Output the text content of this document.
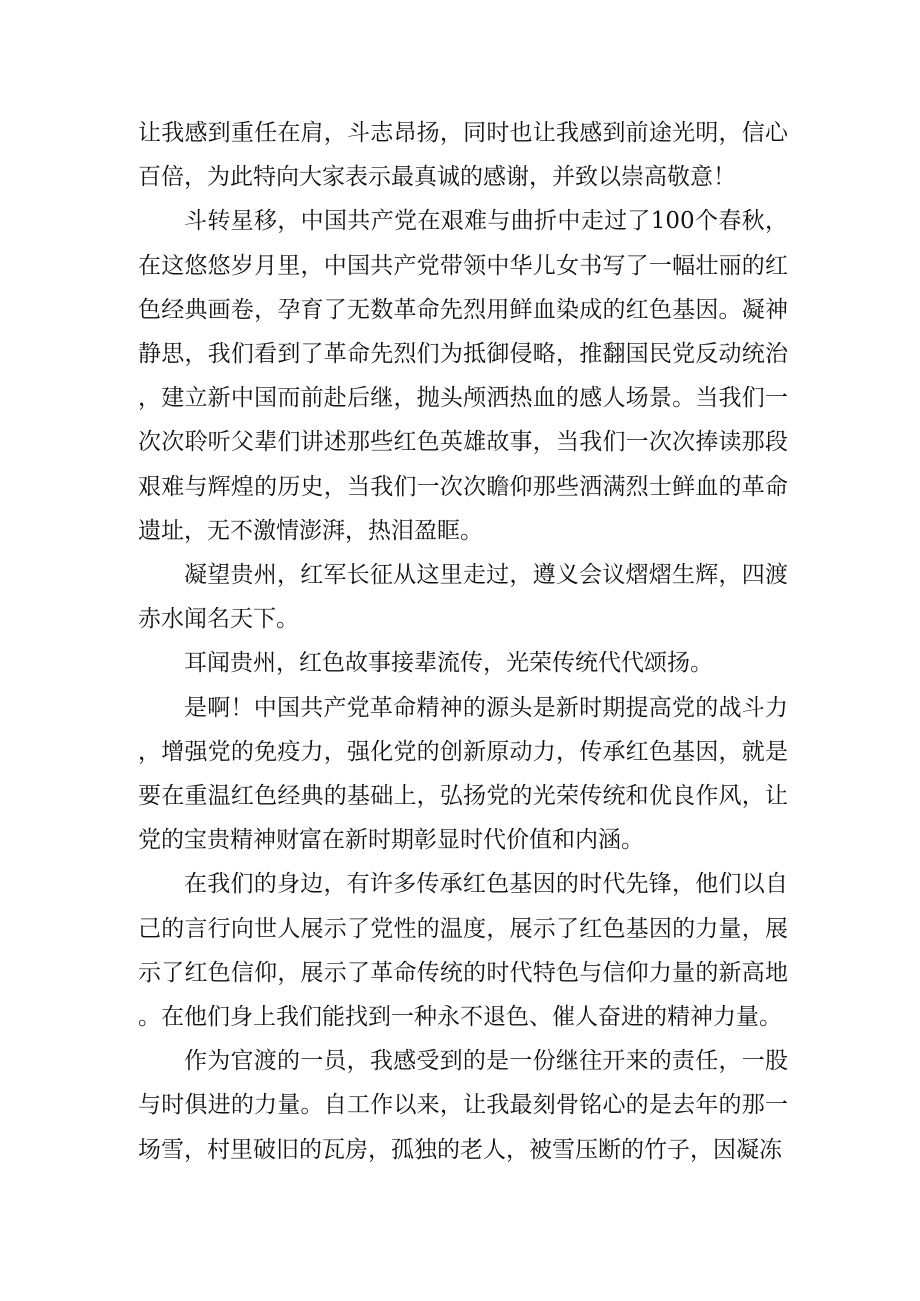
让我感到重任在肩，斗志昂扬，同时也让我感到前途光明，信心百倍，为此特向大家表示最真诚的感谢，并致以崇高敬意！

斗转星移，中国共产党在艰难与曲折中走过了100个春秋，在这悠悠岁月里，中国共产党带领中华儿女书写了一幅壮丽的红色经典画卷，孕育了无数革命先烈用鲜血染成的红色基因。凝神静思，我们看到了革命先烈们为抵御侵略，推翻国民党反动统治，建立新中国而前赴后继，抛头颅洒热血的感人场景。当我们一次次聆听父辈们讲述那些红色英雄故事，当我们一次次捧读那段艰难与辉煌的历史，当我们一次次瞻仰那些洒满烈士鲜血的革命遗址，无不激情澎湃，热泪盈眶。

凝望贵州，红军长征从这里走过，遵义会议熠熠生辉，四渡赤水闻名天下。

耳闻贵州，红色故事接辈流传，光荣传统代代颂扬。

是啊！中国共产党革命精神的源头是新时期提高党的战斗力，增强党的免疫力，强化党的创新原动力，传承红色基因，就是要在重温红色经典的基础上，弘扬党的光荣传统和优良作风，让党的宝贵精神财富在新时期彰显时代价值和内涵。

在我们的身边，有许多传承红色基因的时代先锋，他们以自己的言行向世人展示了党性的温度，展示了红色基因的力量，展示了红色信仰，展示了革命传统的时代特色与信仰力量的新高地。在他们身上我们能找到一种永不退色、催人奋进的精神力量。

作为官渡的一员，我感受到的是一份继往开来的责任，一股与时俱进的力量。自工作以来，让我最刻骨铭心的是去年的那一场雪，村里破旧的瓦房，孤独的老人，被雪压断的竹子，因凝冻
